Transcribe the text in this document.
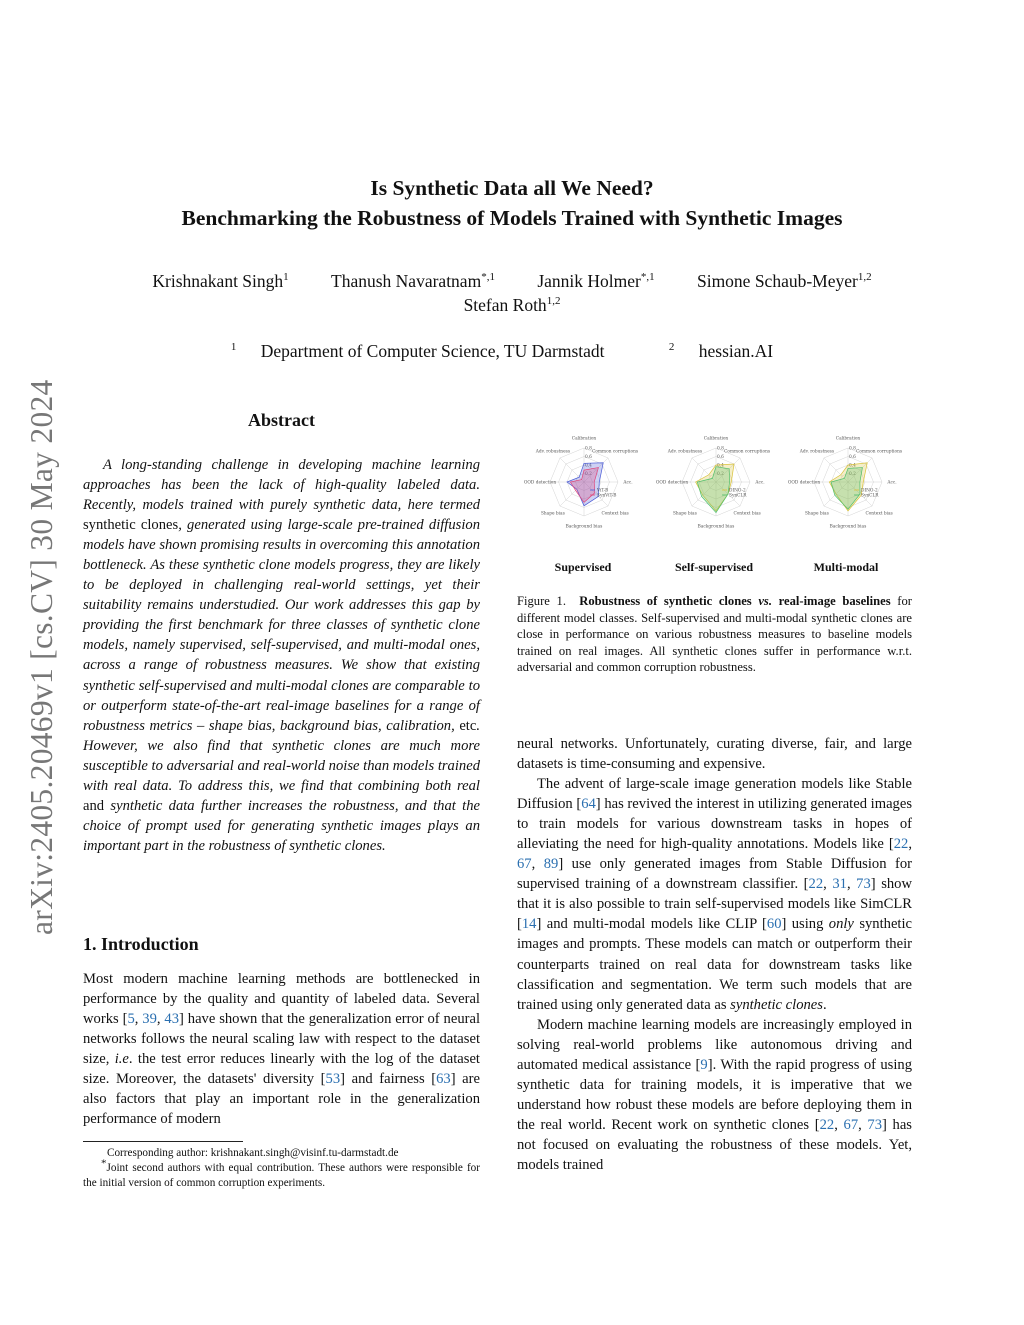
arXiv:2405.20469v1 [cs.CV] 30 May 2024
Is Synthetic Data all We Need?
Benchmarking the Robustness of Models Trained with Synthetic Images
Krishnakant Singh$^1$ Thanush Navaratnam$^{*,1}$ Jannik Holmer$^{*,1}$ Simone Schaub-Meyer$^{1,2}$
Stefan Roth$^{1,2}$
$^1$ Department of Computer Science, TU Darmstadt	$^2$ hessian.AI
Abstract

A long-standing challenge in developing machine learning approaches has been the lack of high-quality labeled data. Recently, models trained with purely synthetic data, here termed synthetic clones, generated using large-scale pre-trained diffusion models have shown promising results in overcoming this annotation bottleneck. As these synthetic clone models progress, they are likely to be deployed in challenging real-world settings, yet their suitability remains understudied. Our work addresses this gap by providing the first benchmark for three classes of synthetic clone models, namely supervised, self-supervised, and multi-modal ones, across a range of robustness measures. We show that existing synthetic self-supervised and multi-modal clones are comparable to or outperform state-of-the-art real-image baselines for a range of robustness metrics – shape bias, background bias, calibration, etc. However, we also find that synthetic clones are much more susceptible to adversarial and real-world noise than models trained with real data. To address this, we find that combining both real and synthetic data further increases the robustness, and that the choice of prompt used for generating synthetic images plays an important part in the robustness of synthetic clones.

1. Introduction

Most modern machine learning methods are bottlenecked in performance by the quality and quantity of labeled data. Several works [5, 39, 43] have shown that the generalization error of neural networks follows the neural scaling law with respect to the dataset size, i.e. the test error reduces linearly with the log of the dataset size. Moreover, the datasets' diversity [53] and fairness [63] are also factors that play an important role in the generalization performance of modern

Corresponding author: krishnakant.singh@visinf.tu-darmstadt.de
*Joint second authors with equal contribution. These authors were responsible for the initial version of common corruption experiments.
0.8
0.6
0.4
0.2
Calibration
Common corruptions
Acc.
Context bias
Background bias
Shape bias
OOD detection
Adv. robustness
ViT-B
SynViT-B
0.8
0.6
0.4
0.2
Calibration
Common corruptions
Acc.
Context bias
Background bias
Shape bias
OOD detection
Adv. robustness
DINO-2
SynCLR
0.8
0.6
0.4
0.2
Calibration
Common corruptions
Acc.
Context bias
Background bias
Shape bias
OOD detection
Adv. robustness
DINO-2
SynCLR
Supervised	Self-supervised	Multi-modal
Figure 1. Robustness of synthetic clones vs. real-image baselines for different model classes. Self-supervised and multi-modal synthetic clones are close in performance on various robustness measures to baseline models trained on real images. All synthetic clones suffer in performance w.r.t. adversarial and common corruption robustness.

neural networks. Unfortunately, curating diverse, fair, and large datasets is time-consuming and expensive.

The advent of large-scale image generation models like Stable Diffusion [64] has revived the interest in utilizing generated images to train models for various downstream tasks in hopes of alleviating the need for high-quality annotations. Models like [22, 67, 89] use only generated images from Stable Diffusion for supervised training of a downstream classifier. [22, 31, 73] show that it is also possible to train self-supervised models like SimCLR [14] and multi-modal models like CLIP [60] using only synthetic images and prompts. These models can match or outperform their counterparts trained on real data for downstream tasks like classification and segmentation. We term such models that are trained using only generated data as synthetic clones.

Modern machine learning models are increasingly employed in solving real-world problems like autonomous driving and automated medical assistance [9]. With the rapid progress of using synthetic data for training models, it is imperative that we understand how robust these models are before deploying them in the real world. Recent work on synthetic clones [22, 67, 73] has not focused on evaluating the robustness of these models. Yet, models trained
